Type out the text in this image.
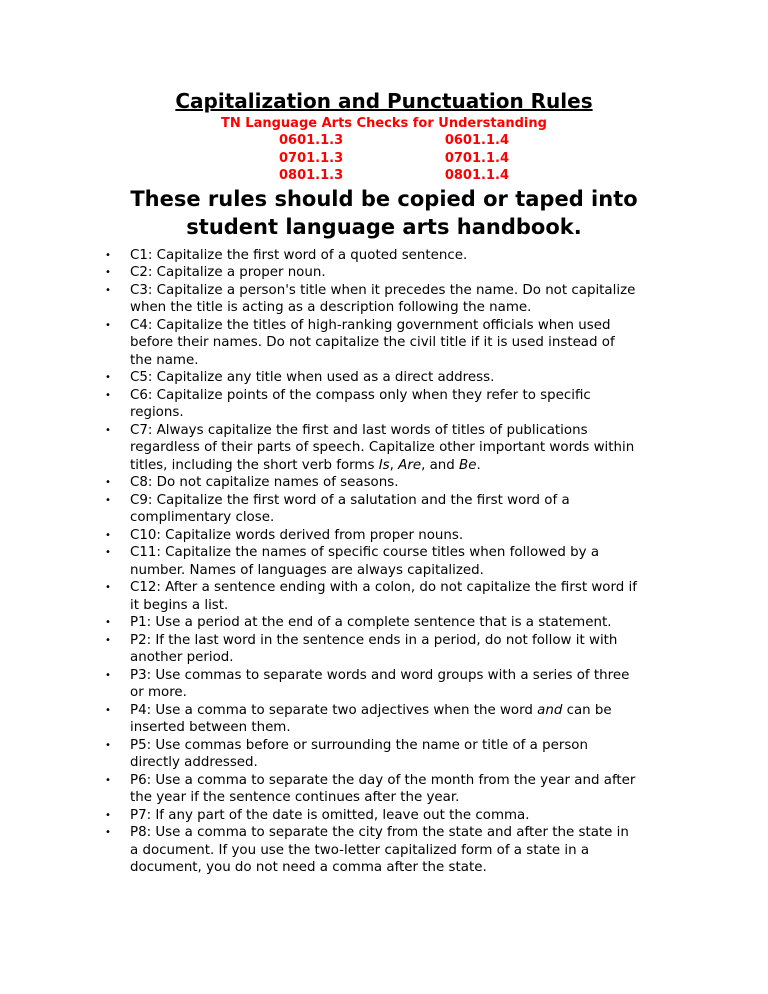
Capitalization and Punctuation Rules
TN Language Arts Checks for Understanding
0601.1.3	0601.1.4
0701.1.3	0701.1.4
0801.1.3	0801.1.4
These rules should be copied or taped into student language arts handbook.
• C1: Capitalize the first word of a quoted sentence.
• C2: Capitalize a proper noun.
• C3: Capitalize a person's title when it precedes the name. Do not capitalize when the title is acting as a description following the name.
• C4: Capitalize the titles of high-ranking government officials when used before their names. Do not capitalize the civil title if it is used instead of the name.
• C5: Capitalize any title when used as a direct address.
• C6: Capitalize points of the compass only when they refer to specific regions.
• C7: Always capitalize the first and last words of titles of publications regardless of their parts of speech. Capitalize other important words within titles, including the short verb forms Is, Are, and Be.
• C8: Do not capitalize names of seasons.
• C9: Capitalize the first word of a salutation and the first word of a complimentary close.
• C10: Capitalize words derived from proper nouns.
• C11: Capitalize the names of specific course titles when followed by a number. Names of languages are always capitalized.
• C12: After a sentence ending with a colon, do not capitalize the first word if it begins a list.
• P1: Use a period at the end of a complete sentence that is a statement.
• P2: If the last word in the sentence ends in a period, do not follow it with another period.
• P3: Use commas to separate words and word groups with a series of three or more.
• P4: Use a comma to separate two adjectives when the word and can be inserted between them.
• P5: Use commas before or surrounding the name or title of a person directly addressed.
• P6: Use a comma to separate the day of the month from the year and after the year if the sentence continues after the year.
• P7: If any part of the date is omitted, leave out the comma.
• P8: Use a comma to separate the city from the state and after the state in a document. If you use the two-letter capitalized form of a state in a document, you do not need a comma after the state.
